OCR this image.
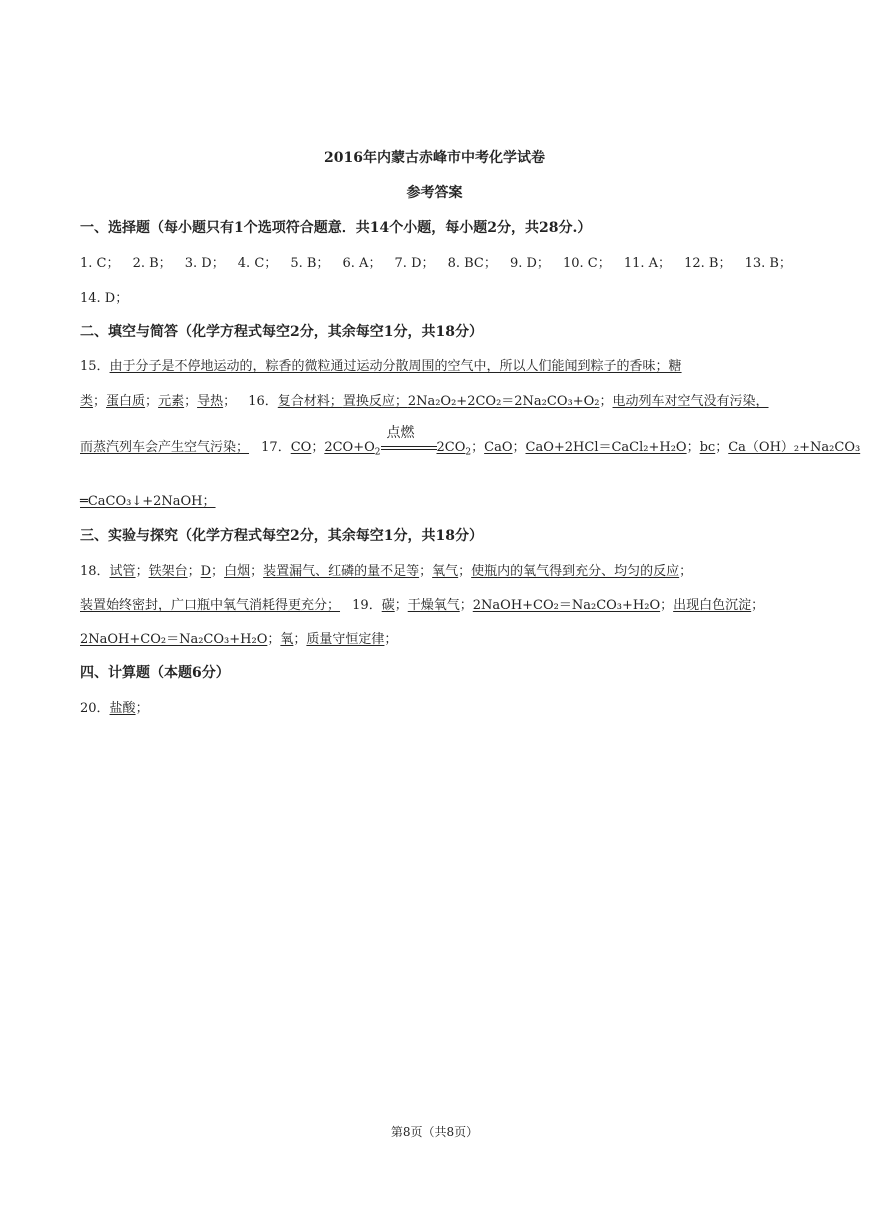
2016年内蒙古赤峰市中考化学试卷
参考答案
一、选择题（每小题只有1个选项符合题意．共14个小题，每小题2分，共28分.）
1. C； 2. B； 3. D； 4. C； 5. B； 6. A； 7. D； 8. BC； 9. D； 10. C； 11. A； 12. B； 13. B；
14. D；
二、填空与简答（化学方程式每空2分，其余每空1分，共18分）
15．由于分子是不停地运动的，粽香的微粒通过运动分散周围的空气中，所以人们能闻到粽子的香味；糖
类；蛋白质；元素；导热； 16．复合材料；置换反应；2Na₂O₂+2CO₂＝2Na₂CO₃+O₂；电动列车对空气没有污染，
而蒸汽列车会产生空气污染； 17．CO；$2CO+O_2$
点燃
$2CO_2$；CaO；CaO+2HCl＝CaCl₂+H₂O；bc；Ca（OH）₂+Na₂CO₃
═CaCO₃↓+2NaOH；
三、实验与探究（化学方程式每空2分，其余每空1分，共18分）
18．试管；铁架台；D；白烟；装置漏气、红磷的量不足等；氧气；使瓶内的氧气得到充分、均匀的反应；
装置始终密封，广口瓶中氧气消耗得更充分； 19．碳；干燥氧气；2NaOH+CO₂＝Na₂CO₃+H₂O；出现白色沉淀；
2NaOH+CO₂＝Na₂CO₃+H₂O；氧；质量守恒定律；
四、计算题（本题6分）
20．盐酸；
第8页（共8页）
